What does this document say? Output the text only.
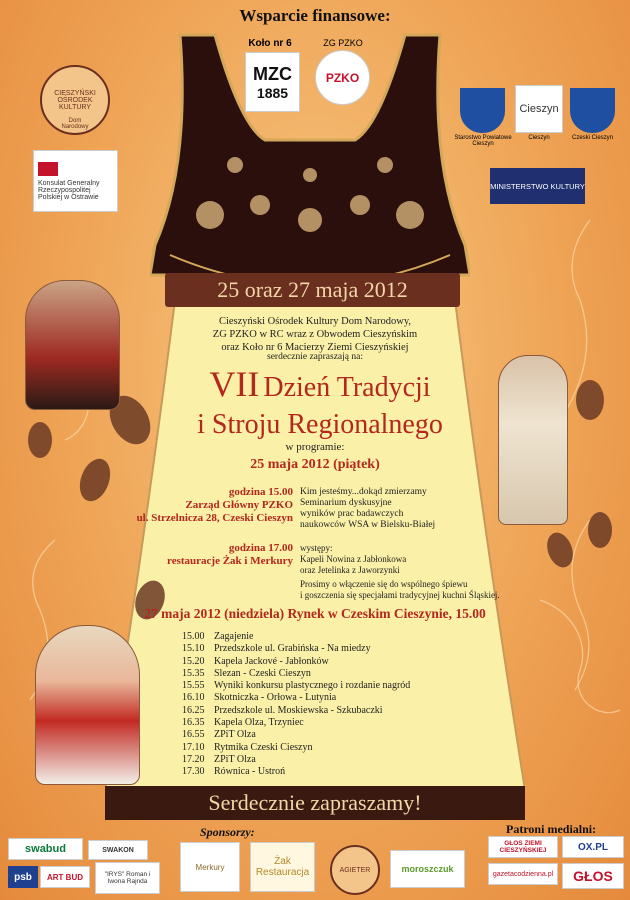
Wsparcie finansowe:
Koło nr 6
MZC
1885
ZG PZKO
PZKO
CIESZYŃSKI OŚRODEK KULTURY
Dom Narodowy
Konsulat Generalny Rzeczypospolitej Polskiej w Ostrawie
Starostwo Powiatowe Cieszyn
Cieszyn
Cieszyn	Czeski Cieszyn
MINISTERSTWO KULTURY
25 oraz 27 maja 2012
Cieszyński Ośrodek Kultury Dom Narodowy,
ZG PZKO w RC wraz z Obwodem Cieszyńskim
oraz Koło nr 6 Macierzy Ziemi Cieszyńskiej
serdecznie zapraszają na:
VII Dzień Tradycji
i Stroju Regionalnego
w programie:
25 maja 2012 (piątek)
godzina 15.00
Zarząd Główny PZKO
ul. Strzelnicza 28, Czeski Cieszyn
Kim jesteśmy...dokąd zmierzamy
Seminarium dyskusyjne
wyników prac badawczych
naukowców WSA w Bielsku-Białej
godzina 17.00
restauracje Żak i Merkury
występy:
Kapeli Nowina z Jabłonkowa
oraz Jetelinka z Jaworzynki
Prosimy o włączenie się do wspólnego śpiewu
i goszczenia się specjałami tradycyjnej kuchni Śląskiej.
27 maja 2012 (niedziela) Rynek w Czeskim Cieszynie, 15.00
15.00 Zagajenie
15.10 Przedszkole ul. Grabińska - Na miedzy
15.20 Kapela Jackové - Jabłonków
15.35 Slezan - Czeski Cieszyn
15.55 Wyniki konkursu plastycznego i rozdanie nagród
16.10 Skotniczka - Orłowa - Lutynia
16.25 Przedszkole ul. Moskiewska - Szkubaczki
16.35 Kapela Olza, Trzyniec
16.55 ZPiT Olza
17.10 Rytmika Czeski Cieszyn
17.20 ZPiT Olza
17.30 Równica - Ustroń
Serdecznie zapraszamy!
Sponsorzy:	Patroni medialni:
swabud	SWAKON
psb	ART BUD	"IRYS" Roman i Iwona Rajnda
Merkury	Żak Restauracja	AGIETER	moroszczuk
GŁOS ZIEMI CIESZYŃSKIEJ	OX.PL
gazetacodzienna.pl	GŁOS
